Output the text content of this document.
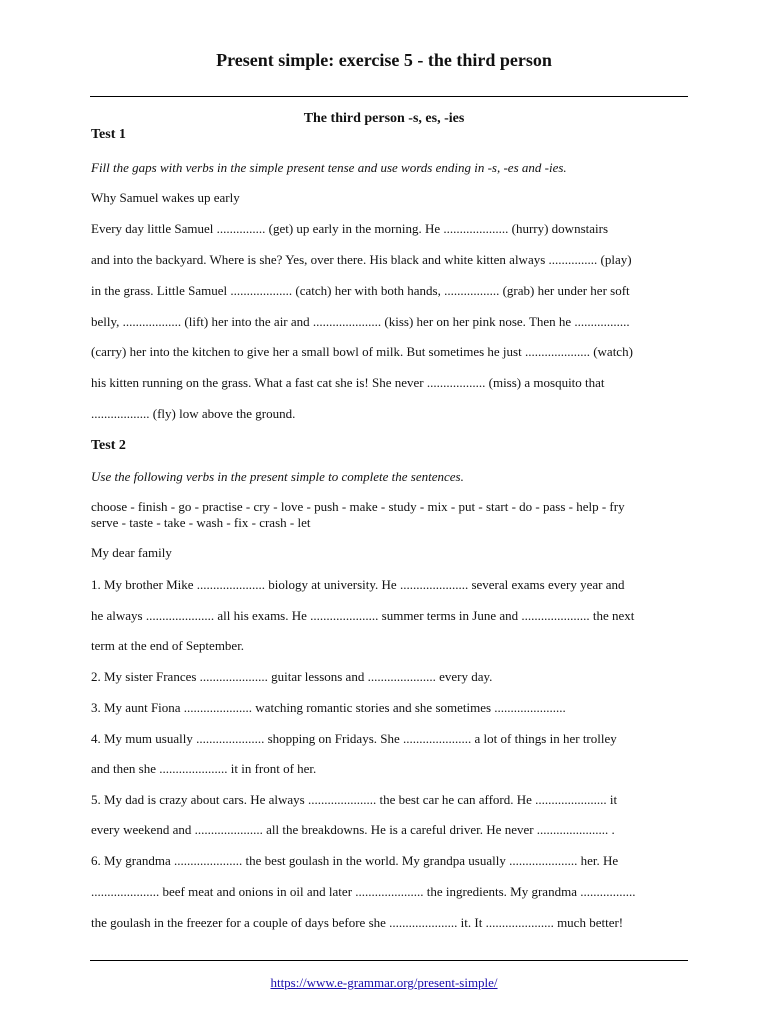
Present simple: exercise 5 - the third person
The third person -s, es, -ies
Test 1
Fill the gaps with verbs in the simple present tense and use words ending in -s, -es and -ies.
Why Samuel wakes up early
Every day little Samuel ............... (get) up early in the morning. He .................... (hurry) downstairs
and into the backyard. Where is she? Yes, over there. His black and white kitten always ............... (play)
in the grass. Little Samuel ................... (catch) her with both hands, ................. (grab) her under her soft
belly, .................. (lift) her into the air and ..................... (kiss) her on her pink nose. Then he .................
(carry) her into the kitchen to give her a small bowl of milk. But sometimes he just .................... (watch)
his kitten running on the grass. What a fast cat she is! She never .................. (miss) a mosquito that
.................. (fly) low above the ground.
Test 2
Use the following verbs in the present simple to complete the sentences.
choose - finish - go - practise - cry - love - push - make - study - mix - put - start - do - pass - help - fry
serve - taste - take - wash - fix - crash - let
My dear family
1. My brother Mike ..................... biology at university. He ..................... several exams every year and
he always ..................... all his exams. He ..................... summer terms in June and ..................... the next
term at the end of September.
2. My sister Frances ..................... guitar lessons and ..................... every day.
3. My aunt Fiona ..................... watching romantic stories and she sometimes ......................
4. My mum usually ..................... shopping on Fridays. She ..................... a lot of things in her trolley
and then she ..................... it in front of her.
5. My dad is crazy about cars. He always ..................... the best car he can afford. He ...................... it
every weekend and ..................... all the breakdowns. He is a careful driver. He never ...................... .
6. My grandma ..................... the best goulash in the world. My grandpa usually ..................... her. He
..................... beef meat and onions in oil and later ..................... the ingredients. My grandma .................
the goulash in the freezer for a couple of days before she ..................... it. It ..................... much better!
https://www.e-grammar.org/present-simple/
